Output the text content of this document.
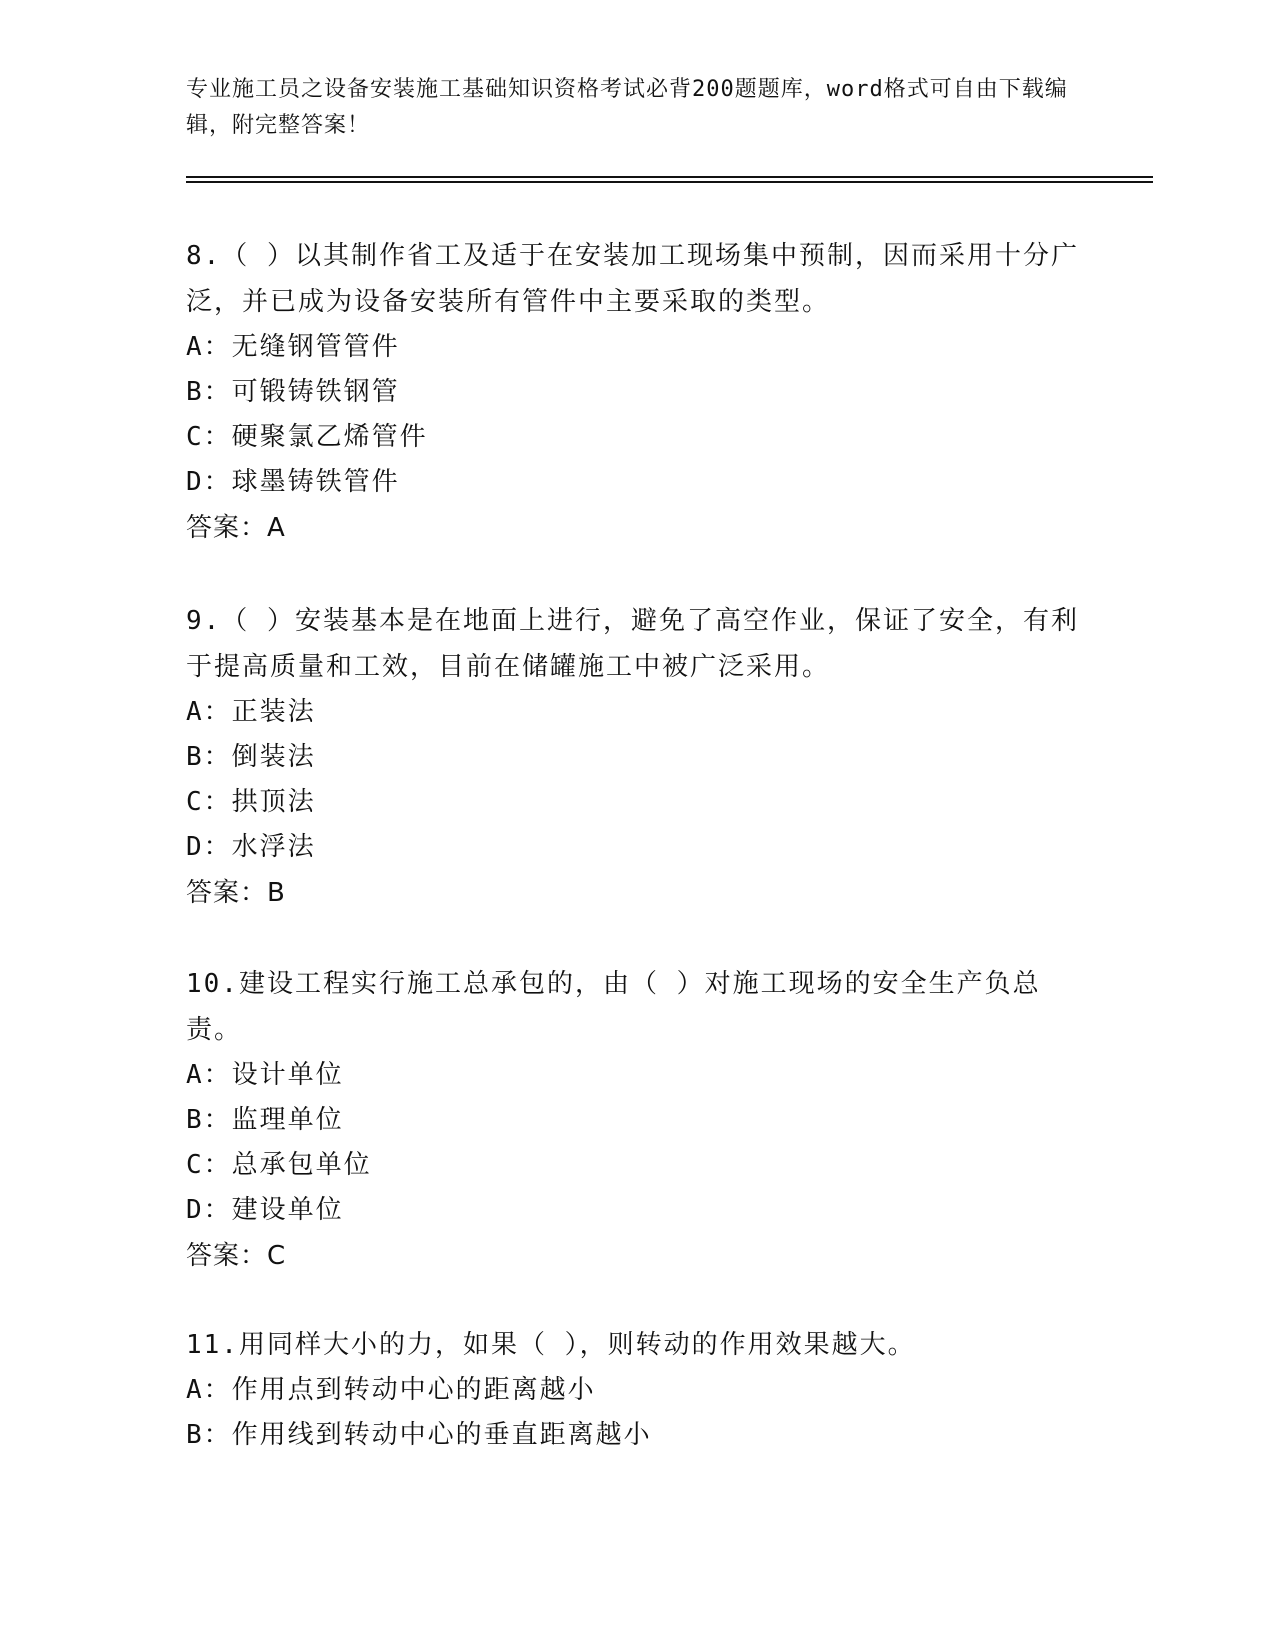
专业施工员之设备安装施工基础知识资格考试必背200题题库，word格式可自由下载编辑，附完整答案！
8.（ ）以其制作省工及适于在安装加工现场集中预制，因而采用十分广泛，并已成为设备安装所有管件中主要采取的类型。
A：无缝钢管管件
B：可锻铸铁钢管
C：硬聚氯乙烯管件
D：球墨铸铁管件
答案：A
9.（ ）安装基本是在地面上进行，避免了高空作业，保证了安全，有利于提高质量和工效，目前在储罐施工中被广泛采用。
A：正装法
B：倒装法
C：拱顶法
D：水浮法
答案：B
10.建设工程实行施工总承包的，由（ ）对施工现场的安全生产负总责。
A：设计单位
B：监理单位
C：总承包单位
D：建设单位
答案：C
11.用同样大小的力，如果（ ），则转动的作用效果越大。
A：作用点到转动中心的距离越小
B：作用线到转动中心的垂直距离越小
